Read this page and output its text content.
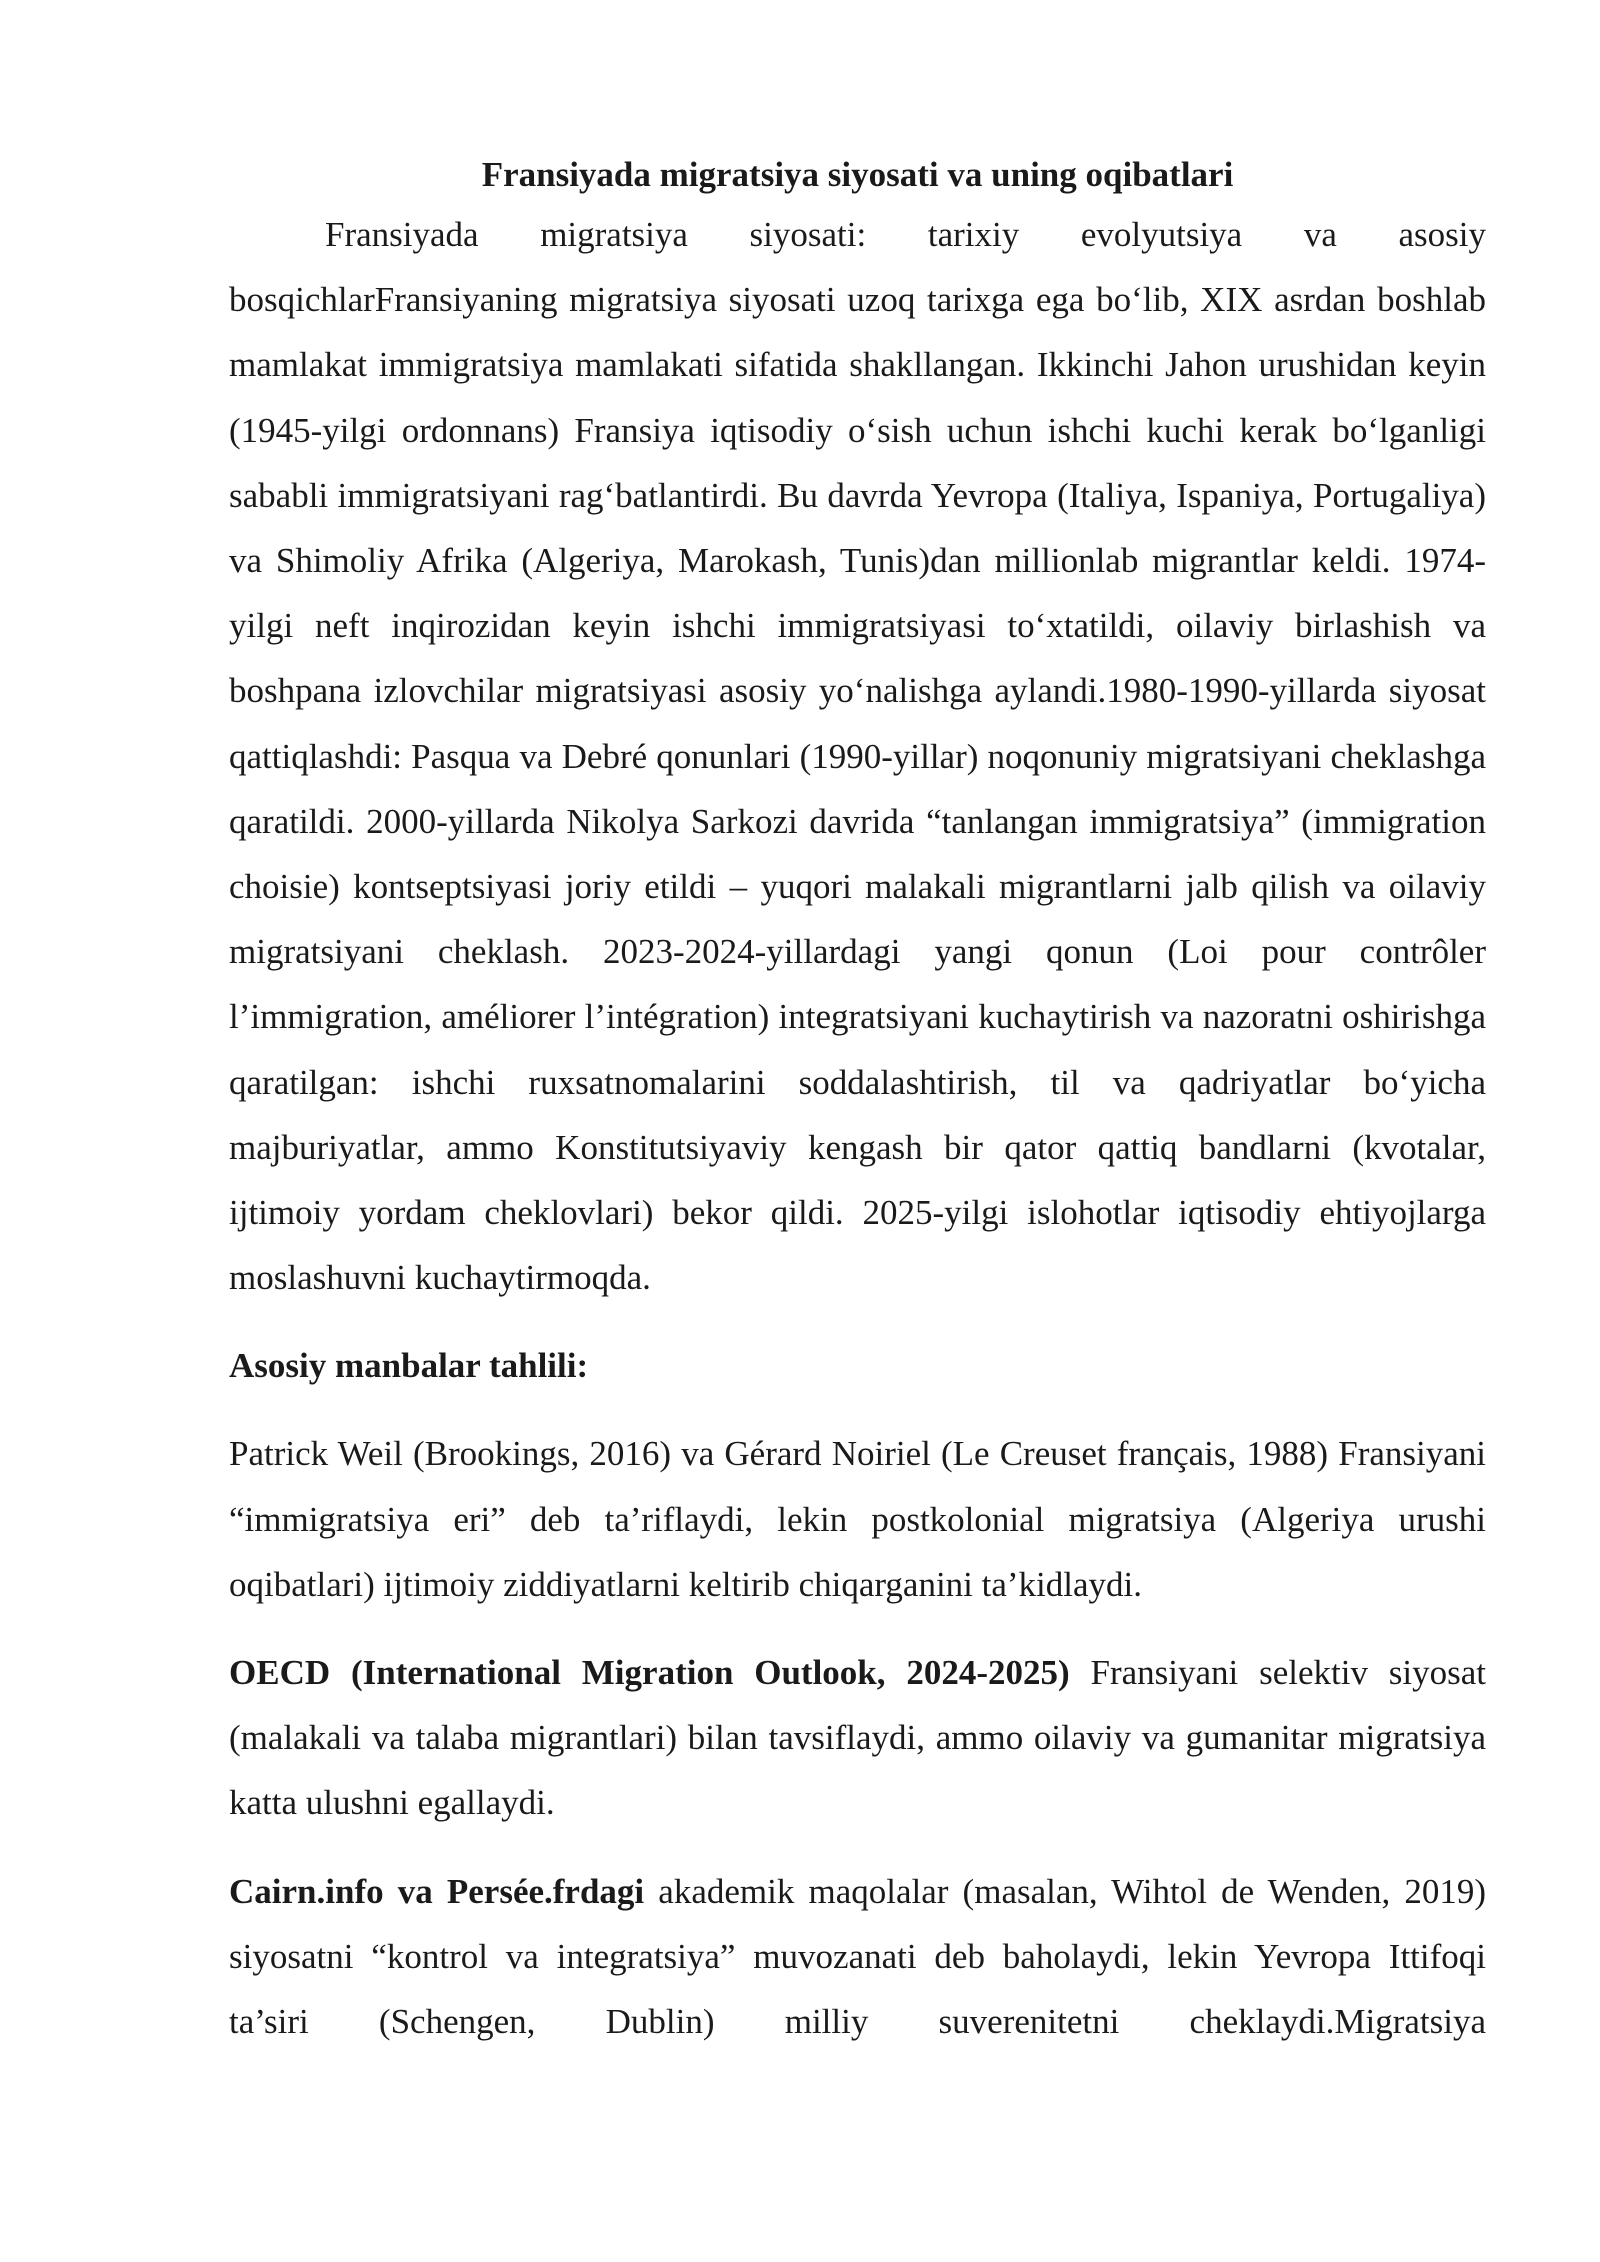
Fransiyada migratsiya siyosati va uning oqibatlari

Fransiyada migratsiya siyosati: tarixiy evolyutsiya va asosiy bosqichlarFransiyaning migratsiya siyosati uzoq tarixga ega bo‘lib, XIX asrdan boshlab mamlakat immigratsiya mamlakati sifatida shakllangan. Ikkinchi Jahon urushidan keyin (1945-yilgi ordonnans) Fransiya iqtisodiy o‘sish uchun ishchi kuchi kerak bo‘lganligi sababli immigratsiyani rag‘batlantirdi. Bu davrda Yevropa (Italiya, Ispaniya, Portugaliya) va Shimoliy Afrika (Algeriya, Marokash, Tunis)dan millionlab migrantlar keldi. 1974-yilgi neft inqirozidan keyin ishchi immigratsiyasi to‘xtatildi, oilaviy birlashish va boshpana izlovchilar migratsiyasi asosiy yo‘nalishga aylandi.1980-1990-yillarda siyosat qattiqlashdi: Pasqua va Debré qonunlari (1990-yillar) noqonuniy migratsiyani cheklashga qaratildi. 2000-yillarda Nikolya Sarkozi davrida “tanlangan immigratsiya” (immigration choisie) kontseptsiyasi joriy etildi – yuqori malakali migrantlarni jalb qilish va oilaviy migratsiyani cheklash. 2023-2024-yillardagi yangi qonun (Loi pour contrôler l’immigration, améliorer l’intégration) integratsiyani kuchaytirish va nazoratni oshirishga qaratilgan: ishchi ruxsatnomalarini soddalashtirish, til va qadriyatlar bo‘yicha majburiyatlar, ammo Konstitutsiyaviy kengash bir qator qattiq bandlarni (kvotalar, ijtimoiy yordam cheklovlari) bekor qildi. 2025-yilgi islohotlar iqtisodiy ehtiyojlarga moslashuvni kuchaytirmoqda.

Asosiy manbalar tahlili:

Patrick Weil (Brookings, 2016) va Gérard Noiriel (Le Creuset français, 1988) Fransiyani “immigratsiya eri” deb ta’riflaydi, lekin postkolonial migratsiya (Algeriya urushi oqibatlari) ijtimoiy ziddiyatlarni keltirib chiqarganini ta’kidlaydi.

OECD (International Migration Outlook, 2024-2025) Fransiyani selektiv siyosat (malakali va talaba migrantlari) bilan tavsiflaydi, ammo oilaviy va gumanitar migratsiya katta ulushni egallaydi.

Cairn.info va Persée.frdagi akademik maqolalar (masalan, Wihtol de Wenden, 2019) siyosatni “kontrol va integratsiya” muvozanati deb baholaydi, lekin Yevropa Ittifoqi ta’siri (Schengen, Dublin) milliy suverenitetni cheklaydi.Migratsiya
